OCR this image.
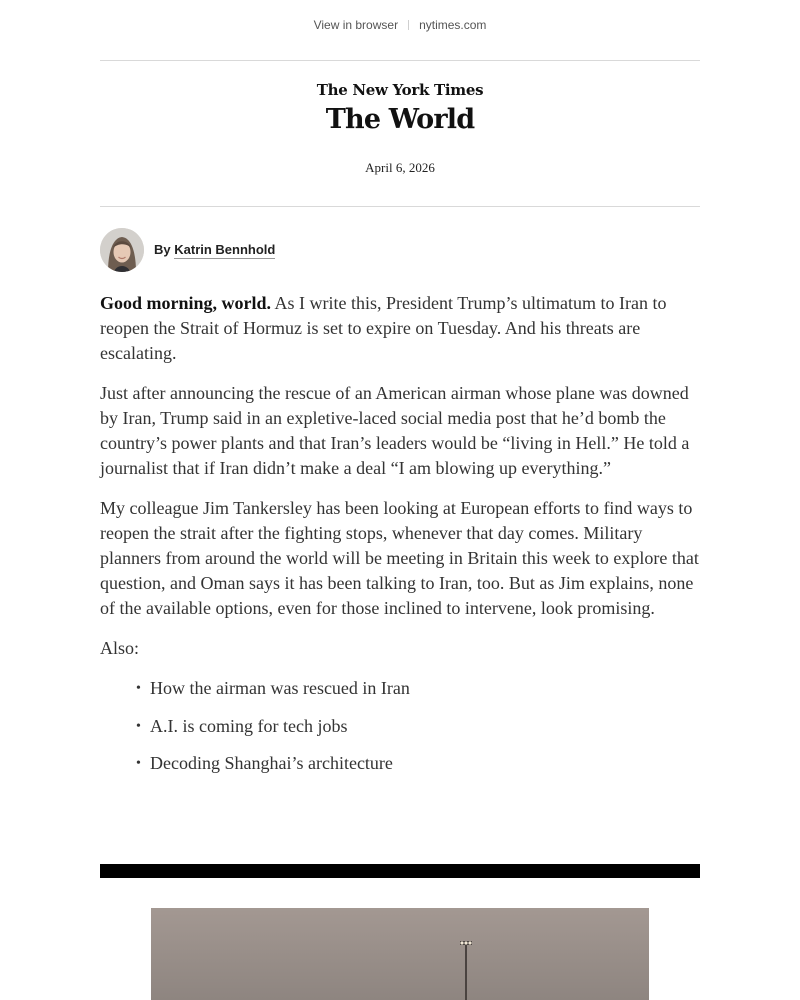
View in browser nytimes.com
The New York Times
The World
April 6, 2026
By Katrin Bennhold

Good morning, world. As I write this, President Trump’s ultimatum to Iran to reopen the Strait of Hormuz is set to expire on Tuesday. And his threats are escalating.

Just after announcing the rescue of an American airman whose plane was downed by Iran, Trump said in an expletive-laced social media post that he’d bomb the country’s power plants and that Iran’s leaders would be “living in Hell.” He told a journalist that if Iran didn’t make a deal “I am blowing up everything.”

My colleague Jim Tankersley has been looking at European efforts to find ways to reopen the strait after the fighting stops, whenever that day comes. Military planners from around the world will be meeting in Britain this week to explore that question, and Oman says it has been talking to Iran, too. But as Jim explains, none of the available options, even for those inclined to intervene, look promising.

Also:

• How the airman was rescued in Iran
• A.I. is coming for tech jobs
• Decoding Shanghai’s architecture
